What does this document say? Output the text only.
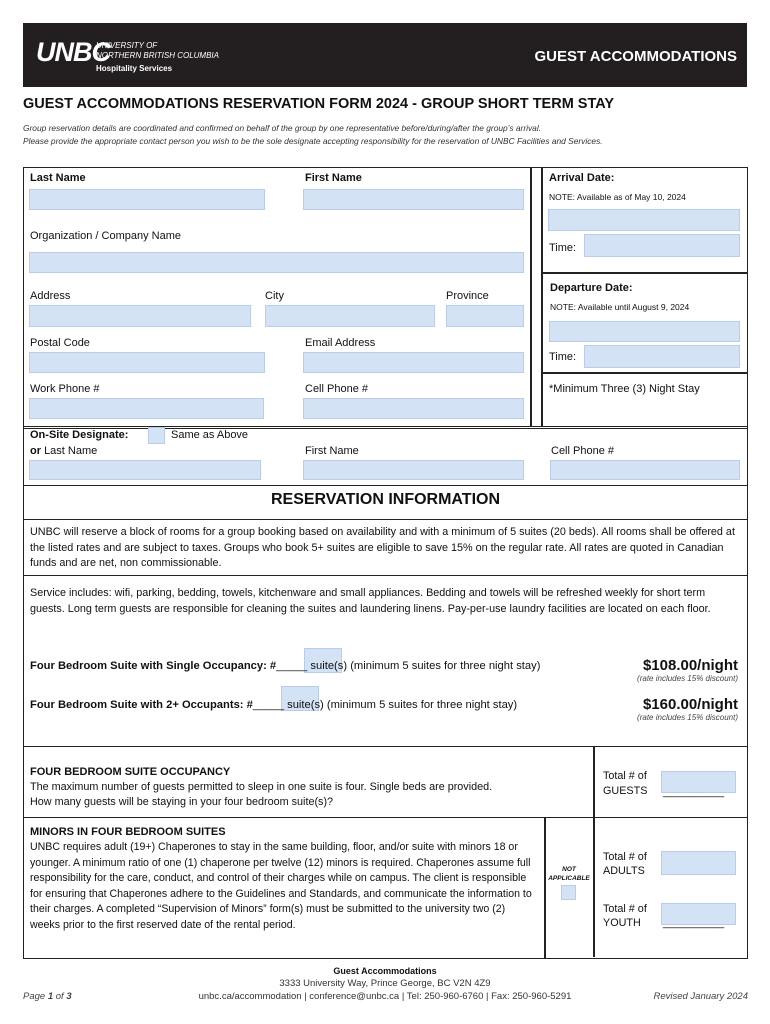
UNBC
UNIVERSITY OF
NORTHERN BRITISH COLUMBIA
Hospitality Services
GUEST ACCOMMODATIONS
GUEST ACCOMMODATIONS RESERVATION FORM 2024 - GROUP SHORT TERM STAY
Group reservation details are coordinated and confirmed on behalf of the group by one representative before/during/after the group’s arrival.
Please provide the appropriate contact person you wish to be the sole designate accepting responsibility for the reservation of UNBC Facilities and Services.
Last Name	First Name
Organization / Company Name
Address	City	Province
Postal Code	Email Address
Work Phone #	Cell Phone #
Arrival Date:
NOTE: Available as of May 10, 2024
Time:
Departure Date:
NOTE: Available until August 9, 2024
Time:
*Minimum Three (3) Night Stay
On-Site Designate:	Same as Above
or Last Name	First Name	Cell Phone #
RESERVATION INFORMATION
UNBC will reserve a block of rooms for a group booking based on availability and with a minimum of 5 suites (20 beds). All rooms shall be offered at the listed rates and are subject to taxes. Groups who book 5+ suites are eligible to save 15% on the regular rate. All rates are quoted in Canadian funds and are net, non commissionable.
Service includes: wifi, parking, bedding, towels, kitchenware and small appliances. Bedding and towels will be refreshed weekly for short term guests. Long term guests are responsible for cleaning the suites and laundering linens. Pay-per-use laundry facilities are located on each floor.
Four Bedroom Suite with Single Occupancy: #_____ suite(s) (minimum 5 suites for three night stay)	$108.00/night
(rate includes 15% discount)
Four Bedroom Suite with 2+ Occupants: #_____ suite(s) (minimum 5 suites for three night stay)	$160.00/night
(rate includes 15% discount)
FOUR BEDROOM SUITE OCCUPANCY
The maximum number of guests permitted to sleep in one suite is four. Single beds are provided. How many guests will be staying in your four bedroom suite(s)?
Total # of
GUESTS __________
MINORS IN FOUR BEDROOM SUITES
UNBC requires adult (19+) Chaperones to stay in the same building, floor, and/or suite with minors 18 or younger. A minimum ratio of one (1) chaperone per twelve (12) minors is required. Chaperones assume full responsibility for the care, conduct, and control of their charges while on campus. The client is responsible for ensuring that Chaperones adhere to the Guidelines and Standards, and communicate the information to their charges. A completed “Supervision of Minors” form(s) must be submitted to the university two (2) weeks prior to the first reserved date of the rental period.
NOT
APPLICABLE
Total # of
ADULTS
Total # of
YOUTH	__________
Page 1 of 3
Guest Accommodations
3333 University Way, Prince George, BC V2N 4Z9
unbc.ca/accommodation | conference@unbc.ca | Tel: 250-960-6760 | Fax: 250-960-5291	Revised January 2024
